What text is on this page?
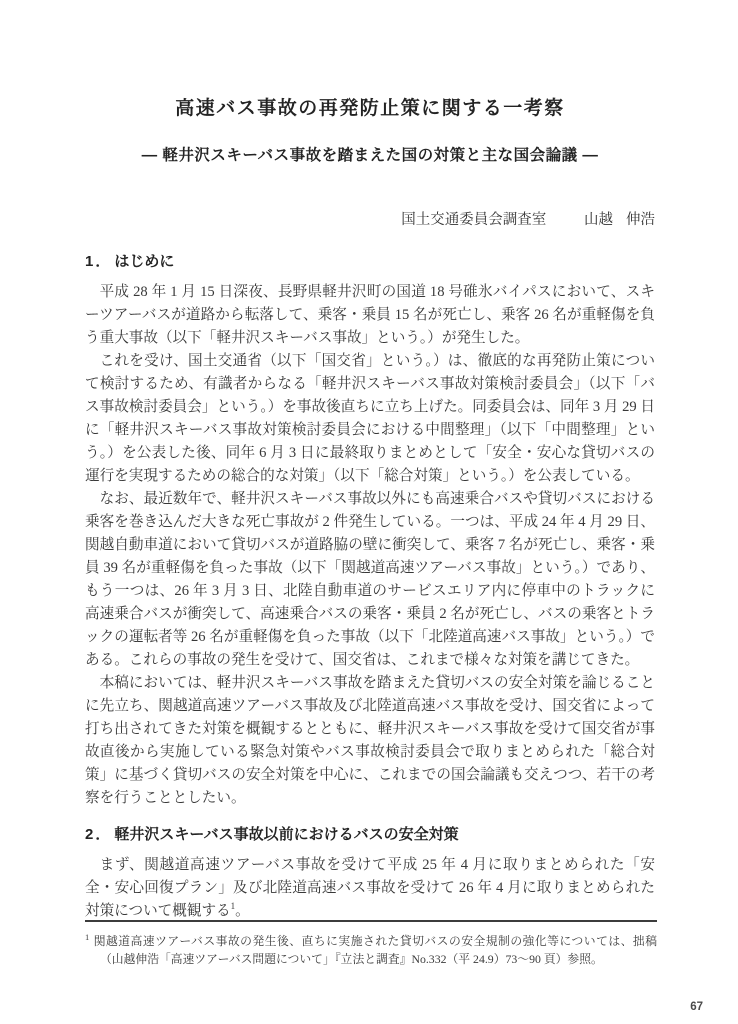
高速バス事故の再発防止策に関する一考察
― 軽井沢スキーバス事故を踏まえた国の対策と主な国会論議 ―
国土交通委員会調査室	山越 伸浩
1． はじめに

平成 28 年 1 月 15 日深夜、長野県軽井沢町の国道 18 号碓氷バイパスにおいて、スキーツアーバスが道路から転落して、乗客・乗員 15 名が死亡し、乗客 26 名が重軽傷を負う重大事故（以下「軽井沢スキーバス事故」という。）が発生した。

これを受け、国土交通省（以下「国交省」という。）は、徹底的な再発防止策について検討するため、有識者からなる「軽井沢スキーバス事故対策検討委員会」（以下「バス事故検討委員会」という。）を事故後直ちに立ち上げた。同委員会は、同年 3 月 29 日に「軽井沢スキーバス事故対策検討委員会における中間整理」（以下「中間整理」という。）を公表した後、同年 6 月 3 日に最終取りまとめとして「安全・安心な貸切バスの運行を実現するための総合的な対策」（以下「総合対策」という。）を公表している。

なお、最近数年で、軽井沢スキーバス事故以外にも高速乗合バスや貸切バスにおける乗客を巻き込んだ大きな死亡事故が 2 件発生している。一つは、平成 24 年 4 月 29 日、関越自動車道において貸切バスが道路脇の壁に衝突して、乗客 7 名が死亡し、乗客・乗員 39 名が重軽傷を負った事故（以下「関越道高速ツアーバス事故」という。）であり、もう一つは、26 年 3 月 3 日、北陸自動車道のサービスエリア内に停車中のトラックに高速乗合バスが衝突して、高速乗合バスの乗客・乗員 2 名が死亡し、バスの乗客とトラックの運転者等 26 名が重軽傷を負った事故（以下「北陸道高速バス事故」という。）である。これらの事故の発生を受けて、国交省は、これまで様々な対策を講じてきた。

本稿においては、軽井沢スキーバス事故を踏まえた貸切バスの安全対策を論じることに先立ち、関越道高速ツアーバス事故及び北陸道高速バス事故を受け、国交省によって打ち出されてきた対策を概観するとともに、軽井沢スキーバス事故を受けて国交省が事故直後から実施している緊急対策やバス事故検討委員会で取りまとめられた「総合対策」に基づく貸切バスの安全対策を中心に、これまでの国会論議も交えつつ、若干の考察を行うこととしたい。

2． 軽井沢スキーバス事故以前におけるバスの安全対策

まず、関越道高速ツアーバス事故を受けて平成 25 年 4 月に取りまとめられた「安全・安心回復プラン」及び北陸道高速バス事故を受けて 26 年 4 月に取りまとめられた対策について概観する$^1$。

$^1$ 関越道高速ツアーバス事故の発生後、直ちに実施された貸切バスの安全規制の強化等については、拙稿（山越伸浩「高速ツアーバス問題について」『立法と調査』No.332（平 24.9）73～90 頁）参照。
67
